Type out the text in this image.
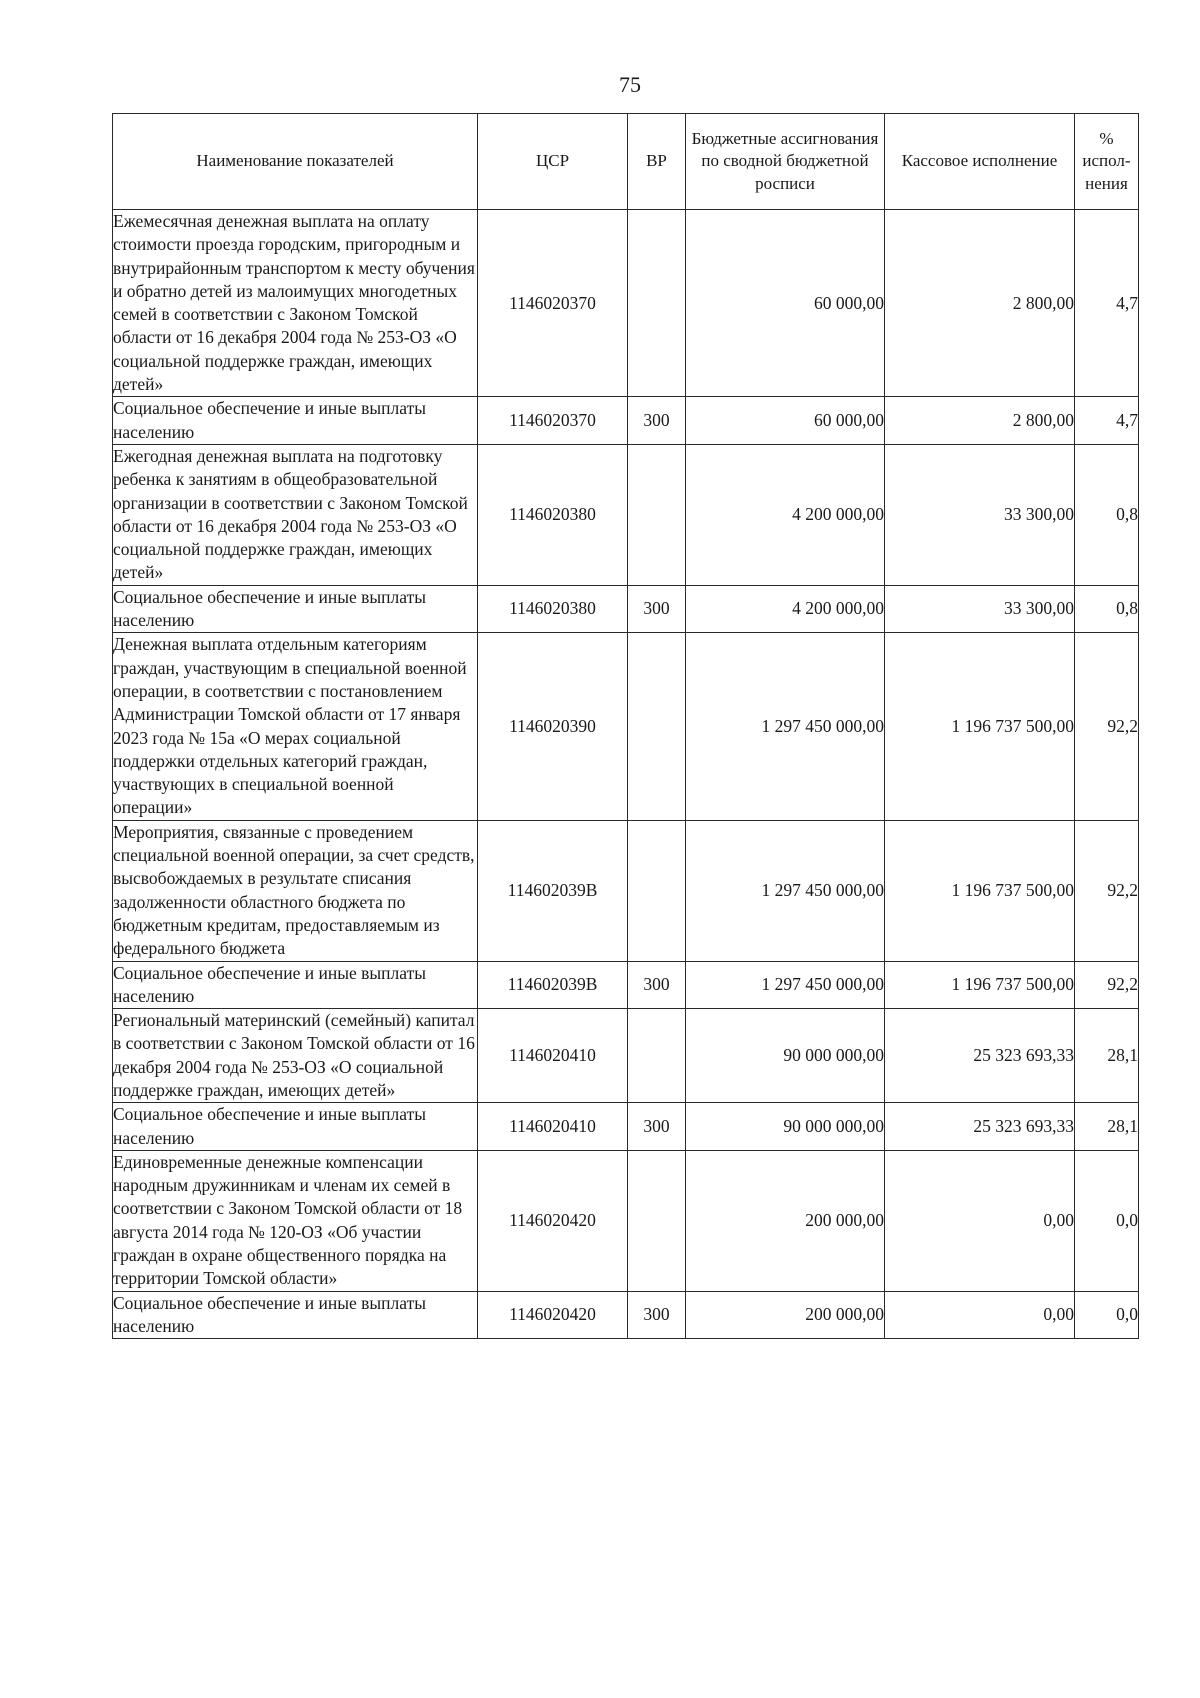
75
Наименование показателей	ЦСР	ВР	Бюджетные ассигнования по сводной бюджетной росписи	Кассовое исполнение	% испол-нения
Ежемесячная денежная выплата на оплату стоимости проезда городским, пригородным и внутрирайонным транспортом к месту обучения и обратно детей из малоимущих многодетных семей в соответствии с Законом Томской области от 16 декабря 2004 года № 253-ОЗ «О социальной поддержке граждан, имеющих детей»	1146020370		60 000,00	2 800,00	4,7
Социальное обеспечение и иные выплаты населению	1146020370	300	60 000,00	2 800,00	4,7
Ежегодная денежная выплата на подготовку ребенка к занятиям в общеобразовательной организации в соответствии с Законом Томской области от 16 декабря 2004 года № 253-ОЗ «О социальной поддержке граждан, имеющих детей»	1146020380		4 200 000,00	33 300,00	0,8
Социальное обеспечение и иные выплаты населению	1146020380	300	4 200 000,00	33 300,00	0,8
Денежная выплата отдельным категориям граждан, участвующим в специальной военной операции, в соответствии с постановлением Администрации Томской области от 17 января 2023 года № 15а «О мерах социальной поддержки отдельных категорий граждан, участвующих в специальной военной операции»	1146020390		1 297 450 000,00	1 196 737 500,00	92,2
Мероприятия, связанные с проведением специальной военной операции, за счет средств, высвобождаемых в результате списания задолженности областного бюджета по бюджетным кредитам, предоставляемым из федерального бюджета	114602039В		1 297 450 000,00	1 196 737 500,00	92,2
Социальное обеспечение и иные выплаты населению	114602039В	300	1 297 450 000,00	1 196 737 500,00	92,2
Региональный материнский (семейный) капитал в соответствии с Законом Томской области от 16 декабря 2004 года № 253-ОЗ «О социальной поддержке граждан, имеющих детей»	1146020410		90 000 000,00	25 323 693,33	28,1
Социальное обеспечение и иные выплаты населению	1146020410	300	90 000 000,00	25 323 693,33	28,1
Единовременные денежные компенсации народным дружинникам и членам их семей в соответствии с Законом Томской области от 18 августа 2014 года № 120-ОЗ «Об участии граждан в охране общественного порядка на территории Томской области»	1146020420		200 000,00	0,00	0,0
Социальное обеспечение и иные выплаты населению	1146020420	300	200 000,00	0,00	0,0
